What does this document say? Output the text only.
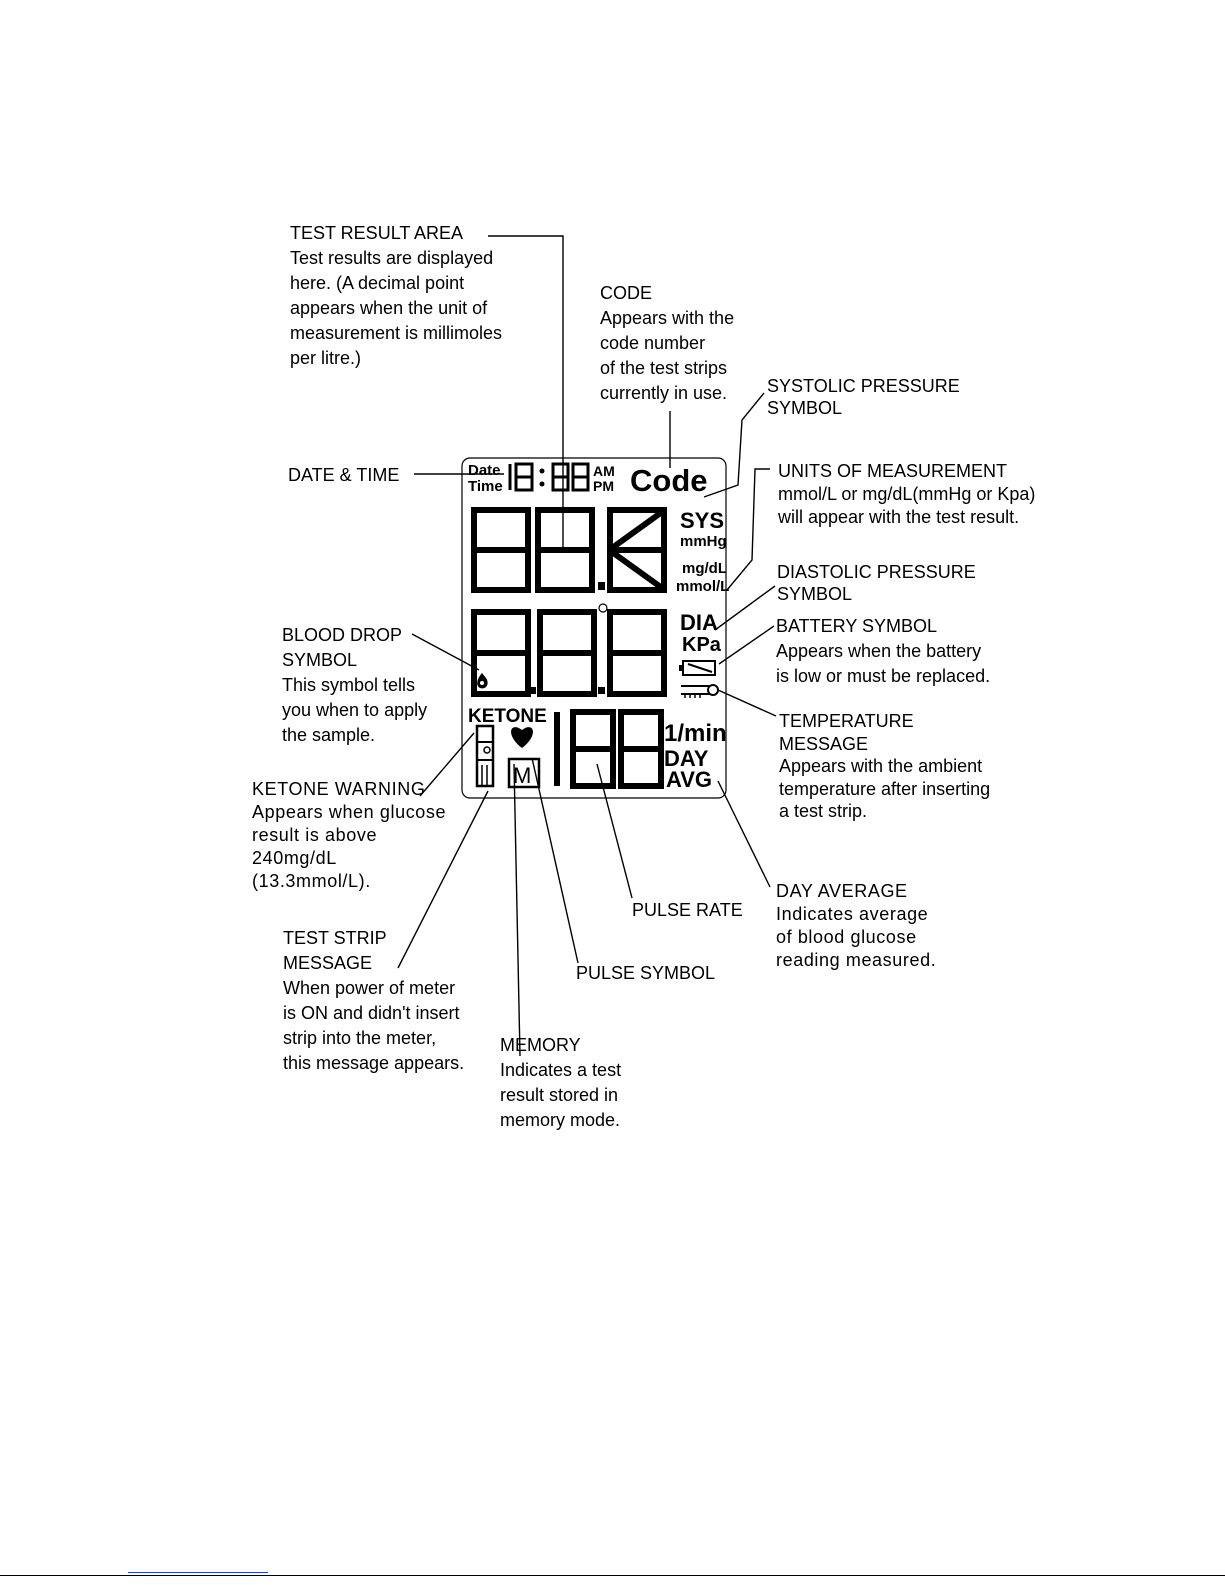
Date
Time
AM
PM Code
SYS
mmHg
mg/dL
mmol/L
DIA
KPa
KETONE
M
1/min
DAY
AVG
TEST RESULT AREA
Test results are displayed
here. (A decimal point
appears when the unit of
measurement is millimoles
per litre.)
CODE
Appears with the
code number
of the test strips
currently in use.	SYSTOLIC PRESSURE
SYMBOL
DATE & TIME	UNITS OF MEASUREMENT
mmol/L or mg/dL(mmHg or Kpa)
will appear with the test result.
DIASTOLIC PRESSURE
SYMBOL
BATTERY SYMBOL
Appears when the battery
is low or must be replaced.
BLOOD DROP
SYMBOL
This symbol tells
you when to apply
the sample.
TEMPERATURE
MESSAGE
Appears with the ambient
temperature after inserting
a test strip.
KETONE WARNING
Appears when glucose
result is above
240mg/dL
(13.3mmol/L).	DAY AVERAGE
Indicates average
of blood glucose
reading measured.
PULSE RATE
TEST STRIP
MESSAGE
When power of meter
is ON and didn't insert
strip into the meter,
this message appears.
PULSE SYMBOL
MEMORY
Indicates a test
result stored in
memory mode.
